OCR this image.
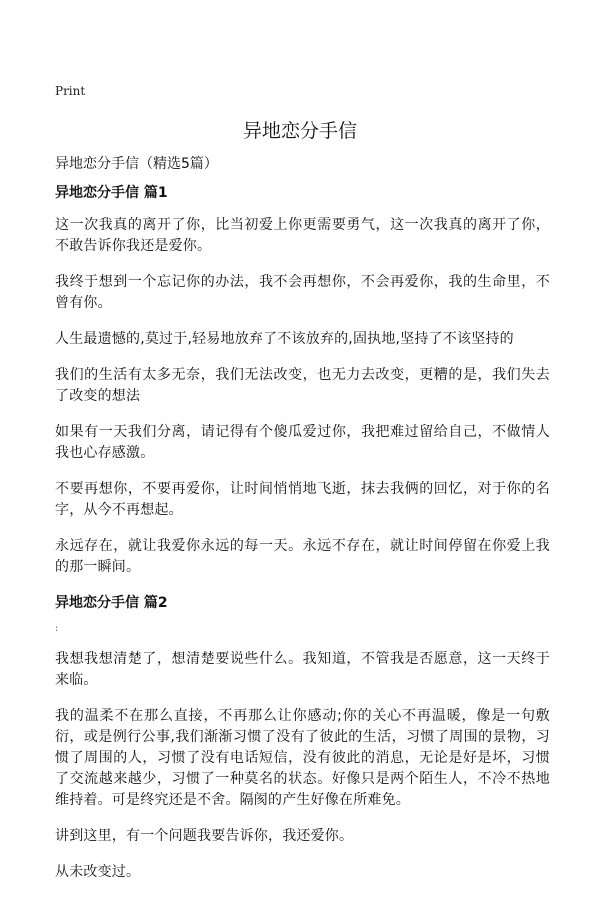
Print
异地恋分手信
异地恋分手信（精选5篇）
异地恋分手信 篇1

这一次我真的离开了你，比当初爱上你更需要勇气，这一次我真的离开了你，不敢告诉你我还是爱你。

我终于想到一个忘记你的办法，我不会再想你，不会再爱你，我的生命里，不曾有你。

人生最遗憾的,莫过于,轻易地放弃了不该放弃的,固执地,坚持了不该坚持的

我们的生活有太多无奈，我们无法改变，也无力去改变，更糟的是，我们失去了改变的想法

如果有一天我们分离，请记得有个傻瓜爱过你，我把难过留给自己，不做情人我也心存感激。

不要再想你，不要再爱你，让时间悄悄地飞逝，抹去我俩的回忆，对于你的名字，从今不再想起。

永远存在，就让我爱你永远的每一天。永远不存在，就让时间停留在你爱上我的那一瞬间。

异地恋分手信 篇2
:

我想我想清楚了，想清楚要说些什么。我知道，不管我是否愿意，这一天终于来临。

我的温柔不在那么直接，不再那么让你感动;你的关心不再温暖，像是一句敷衍，或是例行公事,我们渐渐习惯了没有了彼此的生活，习惯了周围的景物，习惯了周围的人，习惯了没有电话短信，没有彼此的消息，无论是好是坏，习惯了交流越来越少，习惯了一种莫名的状态。好像只是两个陌生人，不冷不热地维持着。可是终究还是不舍。隔阂的产生好像在所难免。

讲到这里，有一个问题我要告诉你，我还爱你。

从未改变过。
